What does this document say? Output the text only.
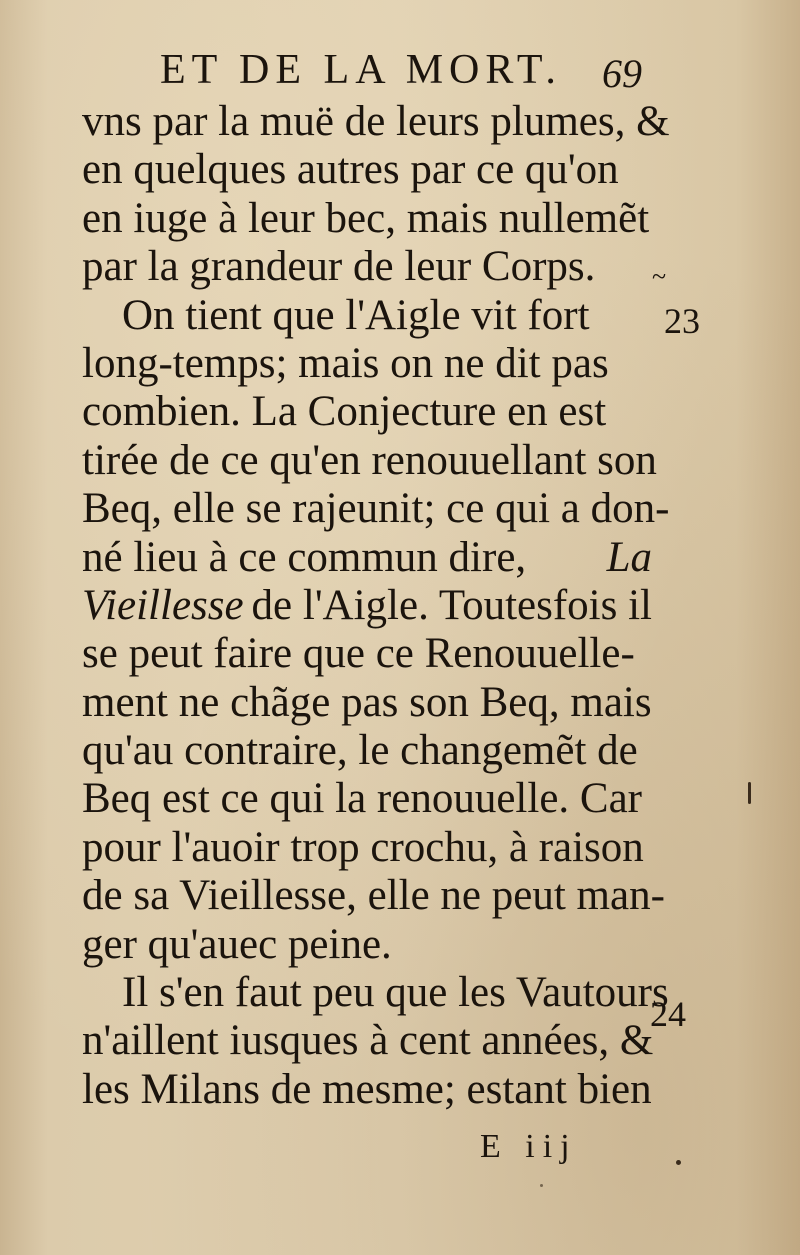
ET DE LA MORT. 69
vns par la muë de leurs plumes, &
en quelques autres par ce qu'on
en iuge à leur bec, mais nullemẽt
par la grandeur de leur Corps.
On tient que l'Aigle vit fort
long-temps; mais on ne dit pas
combien. La Conjecture en est
tirée de ce qu'en renouuellant son
Beq, elle se rajeunit; ce qui a don-
né lieu à ce commun dire, La
Vieillesse de l'Aigle. Toutesfois il
se peut faire que ce Renouuelle-
ment ne chãge pas son Beq, mais
qu'au contraire, le changemẽt de
Beq est ce qui la renouuelle. Car
pour l'auoir trop crochu, à raison
de sa Vieillesse, elle ne peut man-
ger qu'auec peine.
Il s'en faut peu que les Vautours
n'aillent iusques à cent années, &
les Milans de mesme; estant bien
~
23
24
E iij
